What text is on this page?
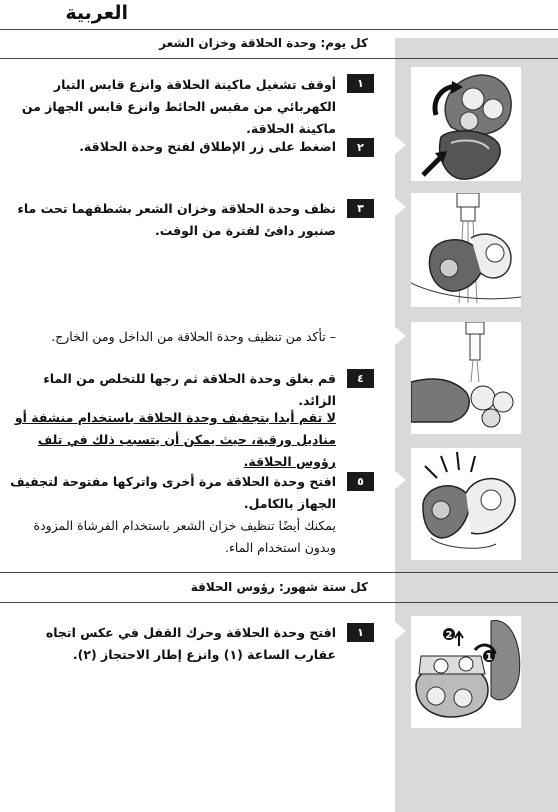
العربية
كل يوم: وحدة الحلاقة وخزان الشعر
١
أوقف تشغيل ماكينة الحلاقة وانزع قابس التيار الكهربائي من مقبس الحائط وانزع قابس الجهاز من ماكينة الحلاقة.
٢
اضغط على زر الإطلاق لفتح وحدة الحلاقة.
٣
نظف وحدة الحلاقة وخزان الشعر بشطفهما تحت ماء صنبور دافئ لفترة من الوقت.
– تأكد من تنظيف وحدة الحلاقة من الداخل ومن الخارج.
٤
قم بغلق وحدة الحلاقة ثم رجها للتخلص من الماء الزائد.
لا تقم أبدا بتجفيف وحدة الحلاقة باستخدام منشفة أو مناديل ورقية، حيث يمكن أن يتسبب ذلك في تلف رؤوس الحلاقة.
٥
افتح وحدة الحلاقة مرة أخرى واتركها مفتوحة لتجفيف الجهاز بالكامل.
يمكنك أيضًا تنظيف خزان الشعر باستخدام الفرشاة المزودة وبدون استخدام الماء.
كل ستة شهور: رؤوس الحلاقة
١
افتح وحدة الحلاقة وحرك القفل في عكس اتجاه عقارب الساعة (١) وانزع إطار الاحتجاز (٢).
2
1
